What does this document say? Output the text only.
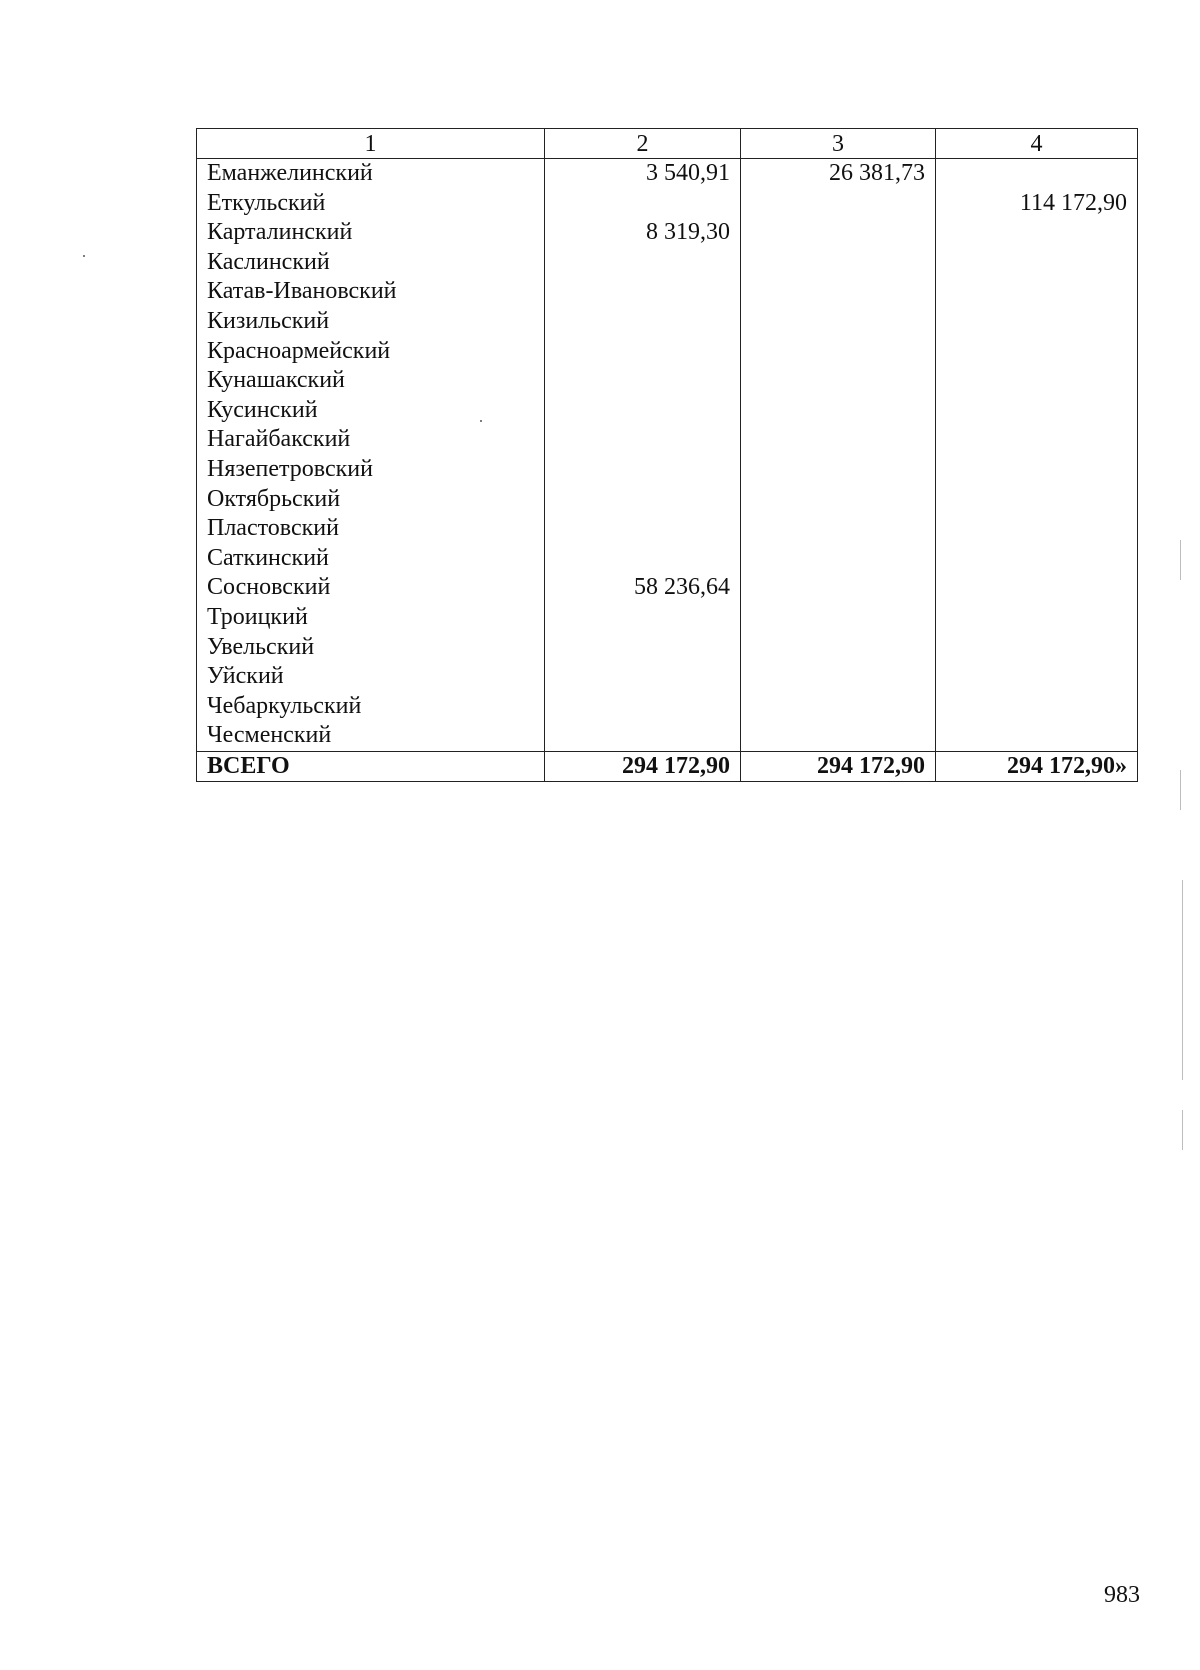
1	2	3	4
Еманжелинский	3 540,91	26 381,73	
Еткульский			114 172,90
Карталинский	8 319,30		
Каслинский			
Катав-Ивановский			
Кизильский			
Красноармейский			
Кунашакский			
Кусинский			
Нагайбакский			
Нязепетровский			
Октябрьский			
Пластовский			
Саткинский			
Сосновский	58 236,64		
Троицкий			
Увельский			
Уйский			
Чебаркульский			
Чесменский			
ВСЕГО	294 172,90	294 172,90	294 172,90»
983
